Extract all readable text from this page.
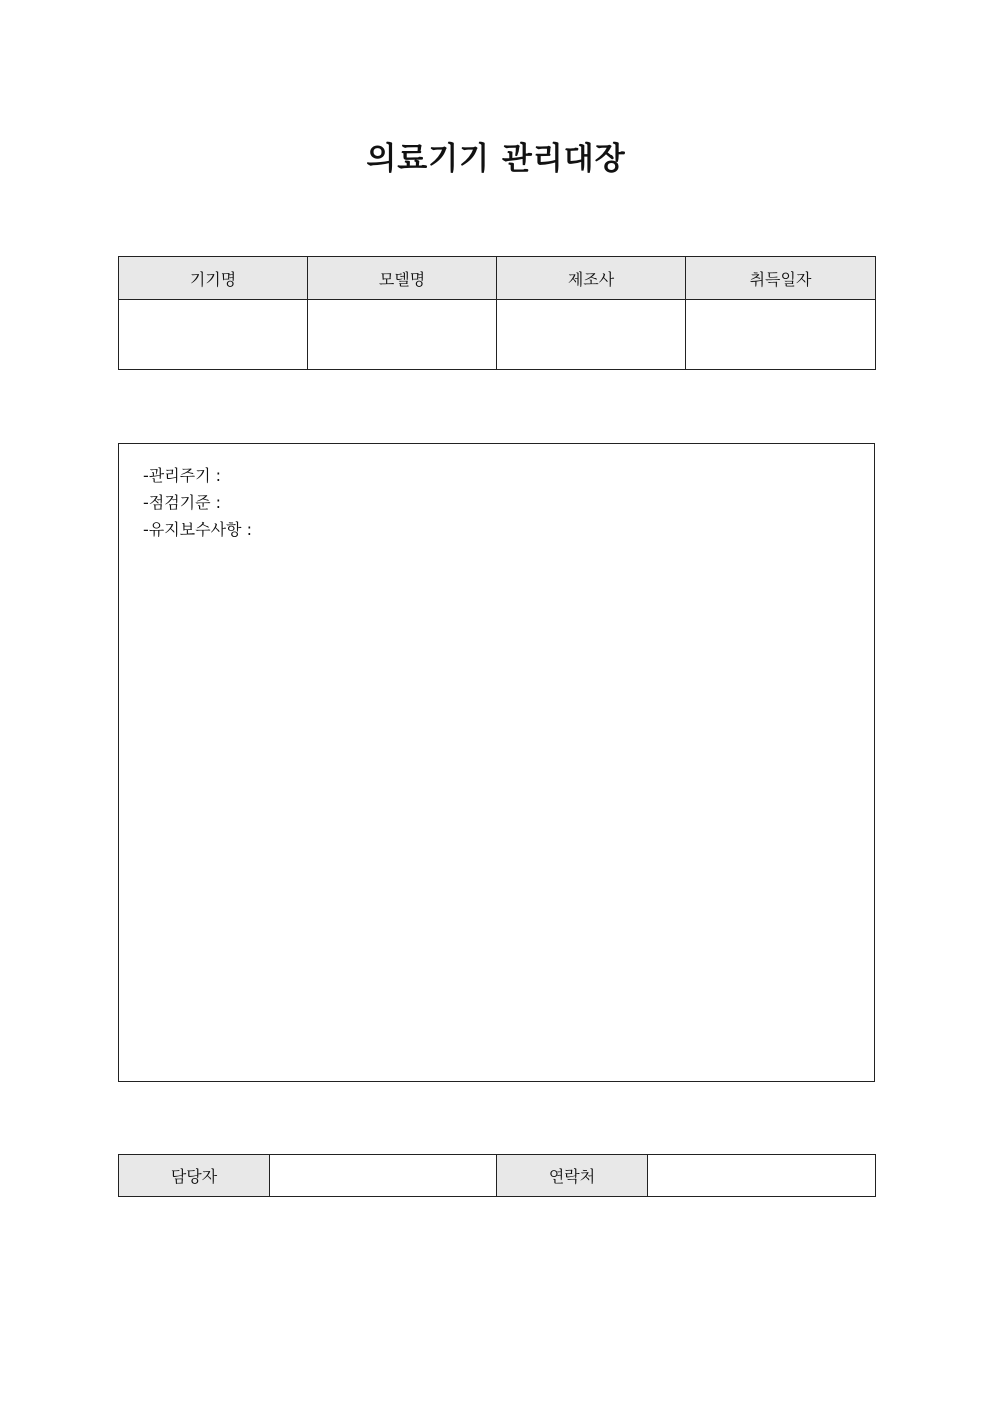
의료기기 관리대장
기기명	모델명	제조사	취득일자

-관리주기 :
-점검기준 :
-유지보수사항 :
담당자		연락처	
